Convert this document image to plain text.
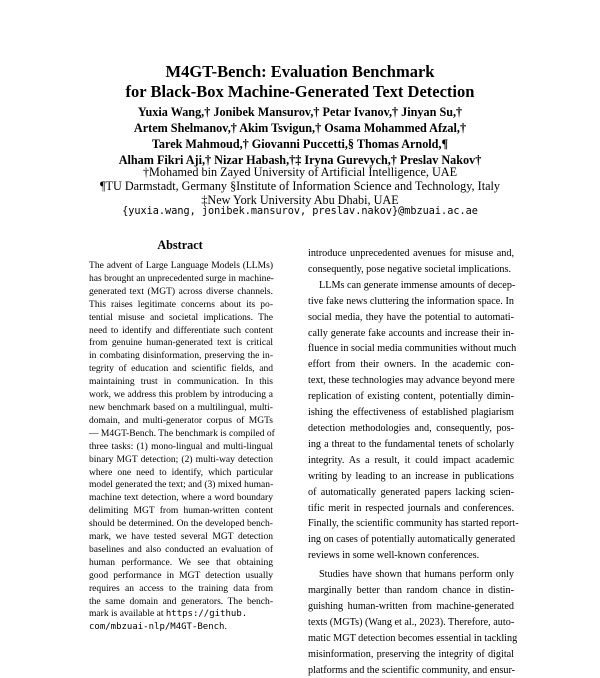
M4GT-Bench: Evaluation Benchmark
for Black-Box Machine-Generated Text Detection
Yuxia Wang,† Jonibek Mansurov,† Petar Ivanov,† Jinyan Su,†
Artem Shelmanov,† Akim Tsvigun,† Osama Mohammed Afzal,†
Tarek Mahmoud,† Giovanni Puccetti,§ Thomas Arnold,¶
Alham Fikri Aji,† Nizar Habash,†‡ Iryna Gurevych,† Preslav Nakov†
†Mohamed bin Zayed University of Artificial Intelligence, UAE
¶TU Darmstadt, Germany §Institute of Information Science and Technology, Italy
‡New York University Abu Dhabi, UAE
{yuxia.wang, jonibek.mansurov, preslav.nakov}@mbzuai.ac.ae
Abstract
The advent of Large Language Models (LLMs)
has brought an unprecedented surge in machine-
generated text (MGT) across diverse channels.
This raises legitimate concerns about its po-
tential misuse and societal implications. The
need to identify and differentiate such content
from genuine human-generated text is critical
in combating disinformation, preserving the in-
tegrity of education and scientific fields, and
maintaining trust in communication. In this
work, we address this problem by introducing a
new benchmark based on a multilingual, multi-
domain, and multi-generator corpus of MGTs
— M4GT-Bench. The benchmark is compiled of
three tasks: (1) mono-lingual and multi-lingual
binary MGT detection; (2) multi-way detection
where one need to identify, which particular
model generated the text; and (3) mixed human-
machine text detection, where a word boundary
delimiting MGT from human-written content
should be determined. On the developed bench-
mark, we have tested several MGT detection
baselines and also conducted an evaluation of
human performance. We see that obtaining
good performance in MGT detection usually
requires an access to the training data from
the same domain and generators. The bench-
mark is available at https://github.
com/mbzuai-nlp/M4GT-Bench.
introduce unprecedented avenues for misuse and,
consequently, pose negative societal implications.
LLMs can generate immense amounts of decep-
tive fake news cluttering the information space. In
social media, they have the potential to automati-
cally generate fake accounts and increase their in-
fluence in social media communities without much
effort from their owners. In the academic con-
text, these technologies may advance beyond mere
replication of existing content, potentially dimin-
ishing the effectiveness of established plagiarism
detection methodologies and, consequently, pos-
ing a threat to the fundamental tenets of scholarly
integrity. As a result, it could impact academic
writing by leading to an increase in publications
of automatically generated papers lacking scien-
tific merit in respected journals and conferences.
Finally, the scientific community has started report-
ing on cases of potentially automatically generated
reviews in some well-known conferences.
Studies have shown that humans perform only
marginally better than random chance in distin-
guishing human-written from machine-generated
texts (MGTs) (Wang et al., 2023). Therefore, auto-
matic MGT detection becomes essential in tackling
misinformation, preserving the integrity of digital
platforms and the scientific community, and ensur-
